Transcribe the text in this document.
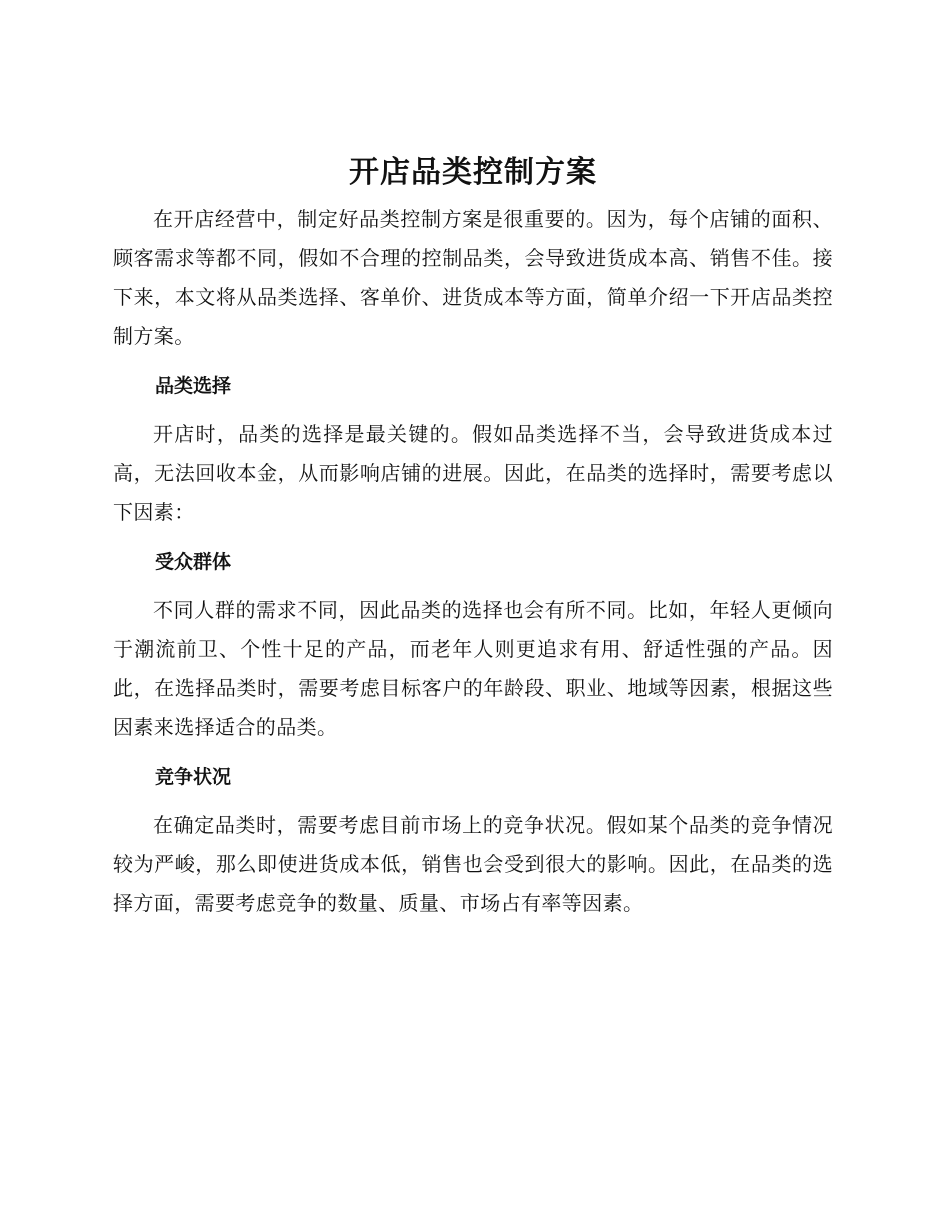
开店品类控制方案

在开店经营中，制定好品类控制方案是很重要的。因为，每个店铺的面积、顾客需求等都不同，假如不合理的控制品类，会导致进货成本高、销售不佳。接下来，本文将从品类选择、客单价、进货成本等方面，简单介绍一下开店品类控制方案。

品类选择

开店时，品类的选择是最关键的。假如品类选择不当，会导致进货成本过高，无法回收本金，从而影响店铺的进展。因此，在品类的选择时，需要考虑以下因素：

受众群体

不同人群的需求不同，因此品类的选择也会有所不同。比如，年轻人更倾向于潮流前卫、个性十足的产品，而老年人则更追求有用、舒适性强的产品。因此，在选择品类时，需要考虑目标客户的年龄段、职业、地域等因素，根据这些因素来选择适合的品类。

竞争状况

在确定品类时，需要考虑目前市场上的竞争状况。假如某个品类的竞争情况较为严峻，那么即使进货成本低，销售也会受到很大的影响。因此，在品类的选择方面，需要考虑竞争的数量、质量、市场占有率等因素。
